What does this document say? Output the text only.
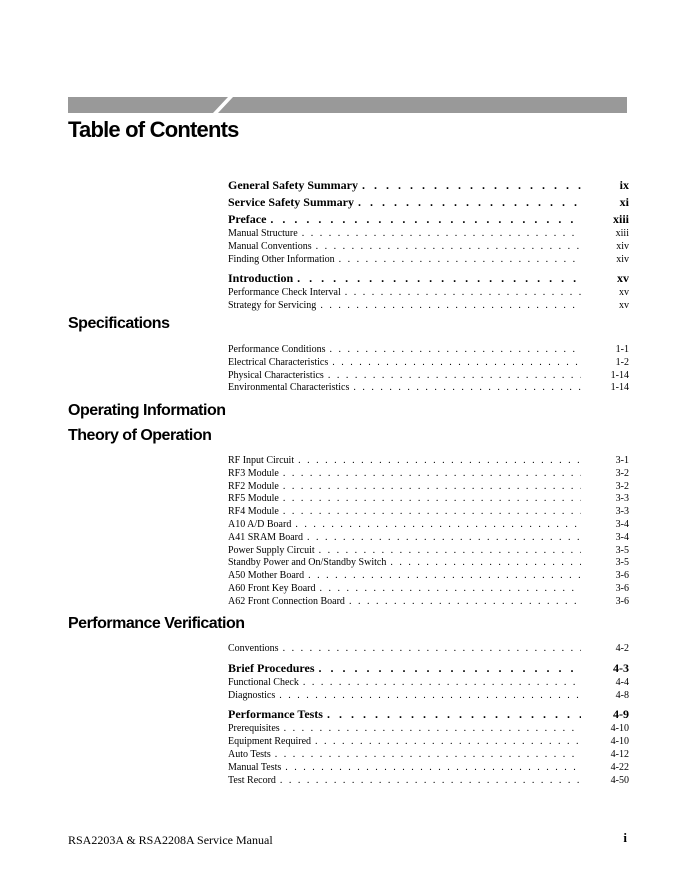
Table of Contents
General Safety Summary . . .	ix
Service Safety Summary . . .	xi
Preface . . .	xiii
Manual Structure . . .	xiii
Manual Conventions . . .	xiv
Finding Other Information . . .	xiv
Introduction . . .	xv
Performance Check Interval . . .	xv
Strategy for Servicing . . .	xv
Specifications
Performance Conditions . . .	1-1
Electrical Characteristics . . .	1-2
Physical Characteristics . . .	1-14
Environmental Characteristics . . .	1-14
Operating Information
Theory of Operation
RF Input Circuit . . .	3-1
RF3 Module . . .	3-2
RF2 Module . . .	3-2
RF5 Module . . .	3-3
RF4 Module . . .	3-3
A10 A/D Board . . .	3-4
A41 SRAM Board . . .	3-4
Power Supply Circuit . . .	3-5
Standby Power and On/Standby Switch . . .	3-5
A50 Mother Board . . .	3-6
A60 Front Key Board . . .	3-6
A62 Front Connection Board . . .	3-6
Performance Verification
Conventions . . .	4-2
Brief Procedures . . .	4-3
Functional Check . . .	4-4
Diagnostics . . .	4-8
Performance Tests . . .	4-9
Prerequisites . . .	4-10
Equipment Required . . .	4-10
Auto Tests . . .	4-12
Manual Tests . . .	4-22
Test Record . . .	4-50
RSA2203A & RSA2208A Service Manual	i
